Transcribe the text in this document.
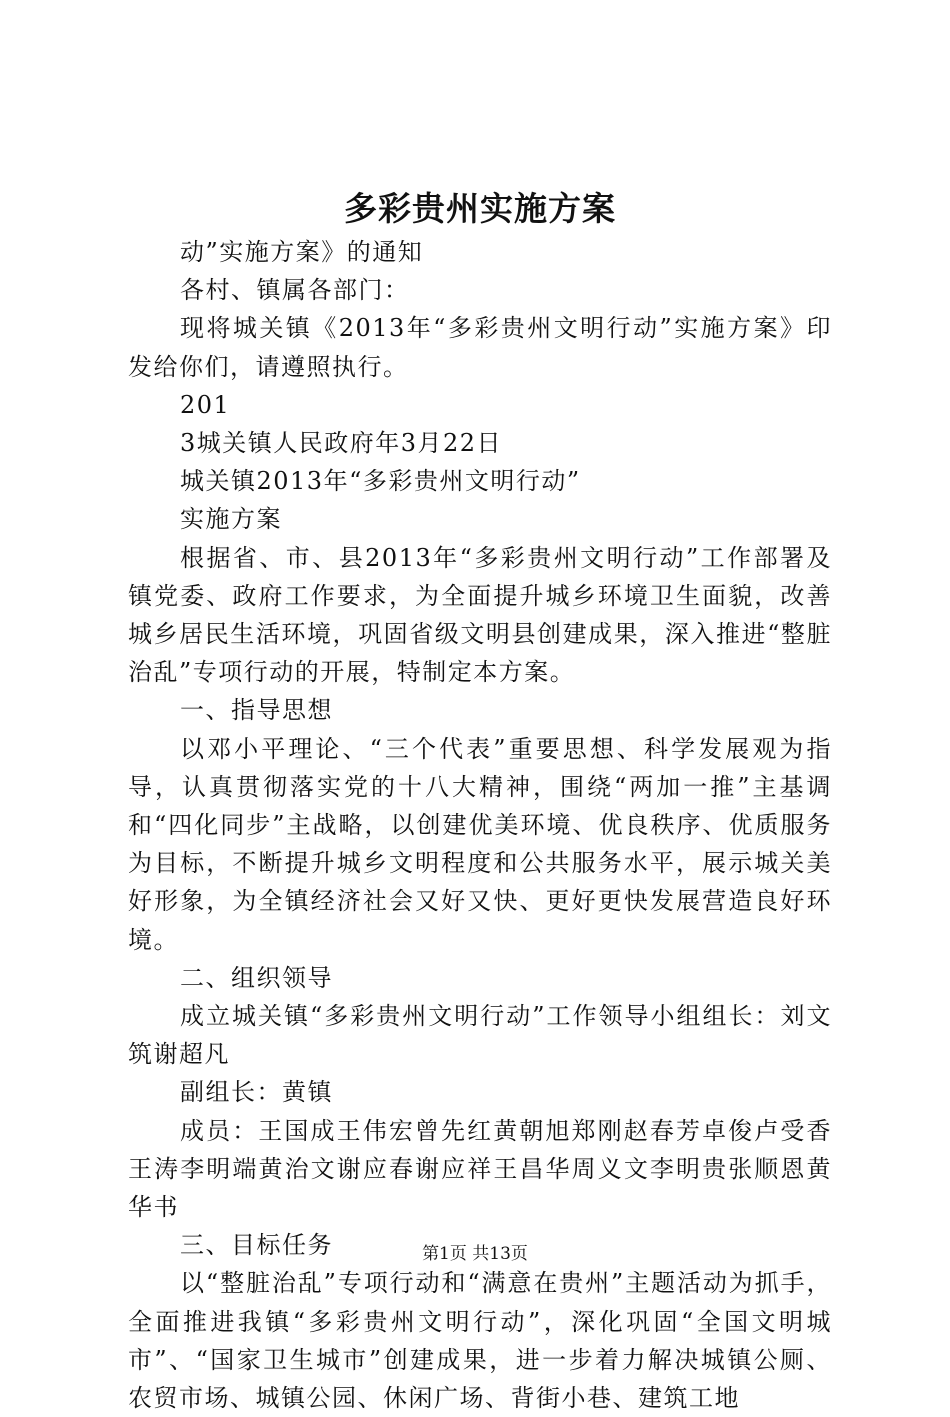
多彩贵州实施方案

动”实施方案》的通知

各村、镇属各部门：

现将城关镇《2013年“多彩贵州文明行动”实施方案》印发给你们，请遵照执行。

201

3城关镇人民政府年3月22日

城关镇2013年“多彩贵州文明行动”

实施方案

根据省、市、县2013年“多彩贵州文明行动”工作部署及镇党委、政府工作要求，为全面提升城乡环境卫生面貌，改善城乡居民生活环境，巩固省级文明县创建成果，深入推进“整脏治乱”专项行动的开展，特制定本方案。

一、指导思想

以邓小平理论、“三个代表”重要思想、科学发展观为指导，认真贯彻落实党的十八大精神，围绕“两加一推”主基调和“四化同步”主战略，以创建优美环境、优良秩序、优质服务为目标，不断提升城乡文明程度和公共服务水平，展示城关美好形象，为全镇经济社会又好又快、更好更快发展营造良好环境。

二、组织领导

成立城关镇“多彩贵州文明行动”工作领导小组组长：刘文筑谢超凡

副组长：黄镇

成员：王国成王伟宏曾先红黄朝旭郑刚赵春芳卓俊卢受香王涛李明端黄治文谢应春谢应祥王昌华周义文李明贵张顺恩黄华书

三、目标任务

以“整脏治乱”专项行动和“满意在贵州”主题活动为抓手，全面推进我镇“多彩贵州文明行动”，深化巩固“全国文明城市”、“国家卫生城市”创建成果，进一步着力解决城镇公厕、农贸市场、城镇公园、休闲广场、背街小巷、建筑工地

第1页 共13页
